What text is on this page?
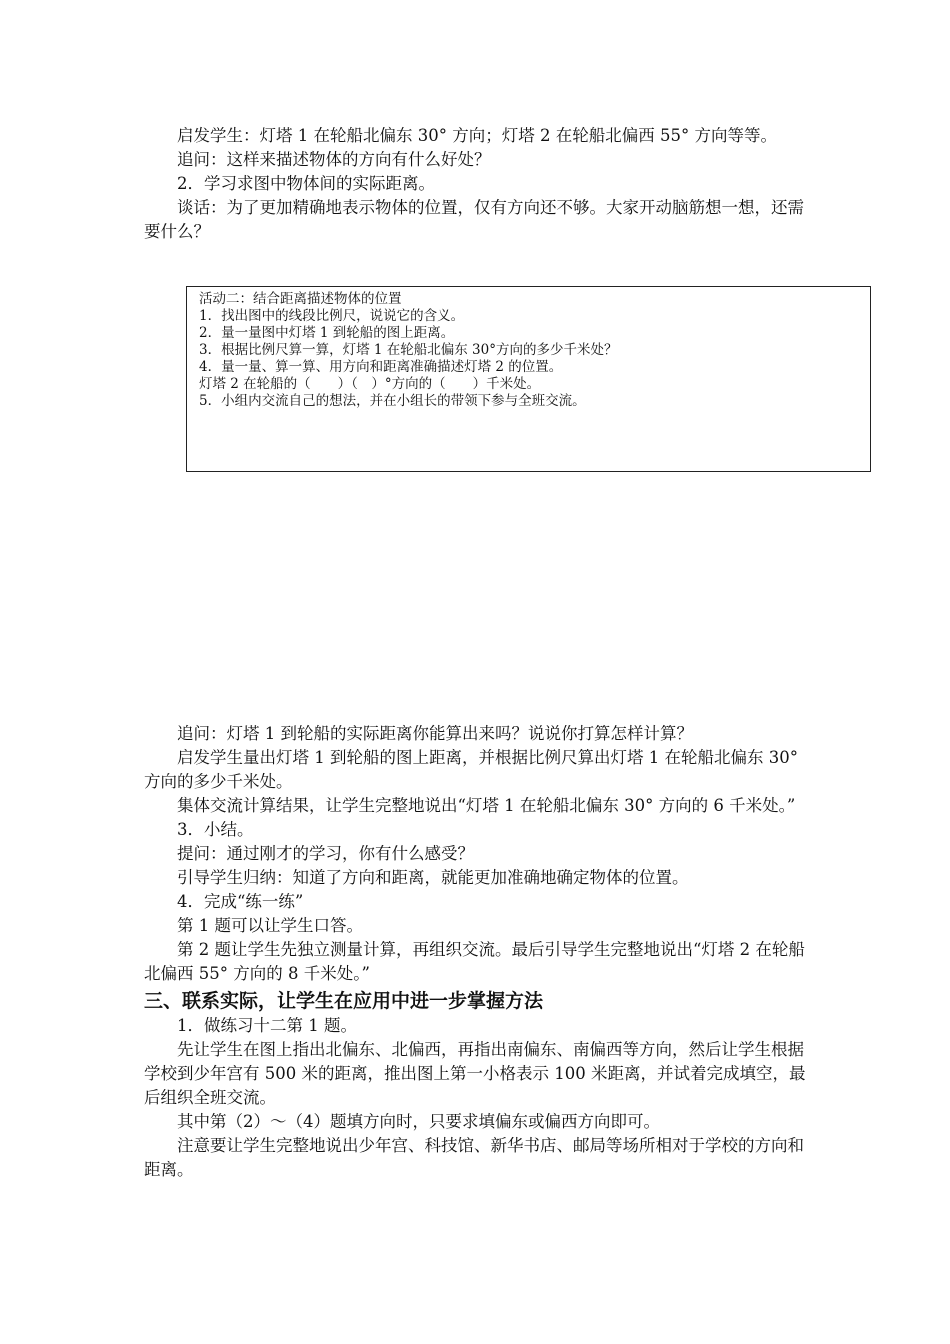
启发学生：灯塔 1 在轮船北偏东 30° 方向；灯塔 2 在轮船北偏西 55° 方向等等。

追问：这样来描述物体的方向有什么好处？

2．学习求图中物体间的实际距离。

谈话：为了更加精确地表示物体的位置，仅有方向还不够。大家开动脑筋想一想，还需要什么？

活动二：结合距离描述物体的位置

1．找出图中的线段比例尺，说说它的含义。

2．量一量图中灯塔 1 到轮船的图上距离。

3．根据比例尺算一算，灯塔 1 在轮船北偏东 30°方向的多少千米处？

4．量一量、算一算、用方向和距离准确描述灯塔 2 的位置。

灯塔 2 在轮船的（　　）（　）°方向的（　　）千米处。

5．小组内交流自己的想法，并在小组长的带领下参与全班交流。

追问：灯塔 1 到轮船的实际距离你能算出来吗？说说你打算怎样计算？

启发学生量出灯塔 1 到轮船的图上距离，并根据比例尺算出灯塔 1 在轮船北偏东 30° 方向的多少千米处。

集体交流计算结果，让学生完整地说出“灯塔 1 在轮船北偏东 30° 方向的 6 千米处。”

3．小结。

提问：通过刚才的学习，你有什么感受？

引导学生归纳：知道了方向和距离，就能更加准确地确定物体的位置。

4．完成“练一练”

第 1 题可以让学生口答。

第 2 题让学生先独立测量计算，再组织交流。最后引导学生完整地说出“灯塔 2 在轮船北偏西 55° 方向的 8 千米处。”

三、联系实际，让学生在应用中进一步掌握方法

1．做练习十二第 1 题。

先让学生在图上指出北偏东、北偏西，再指出南偏东、南偏西等方向，然后让学生根据学校到少年宫有 500 米的距离，推出图上第一小格表示 100 米距离，并试着完成填空，最后组织全班交流。

其中第（2）～（4）题填方向时，只要求填偏东或偏西方向即可。

注意要让学生完整地说出少年宫、科技馆、新华书店、邮局等场所相对于学校的方向和距离。
